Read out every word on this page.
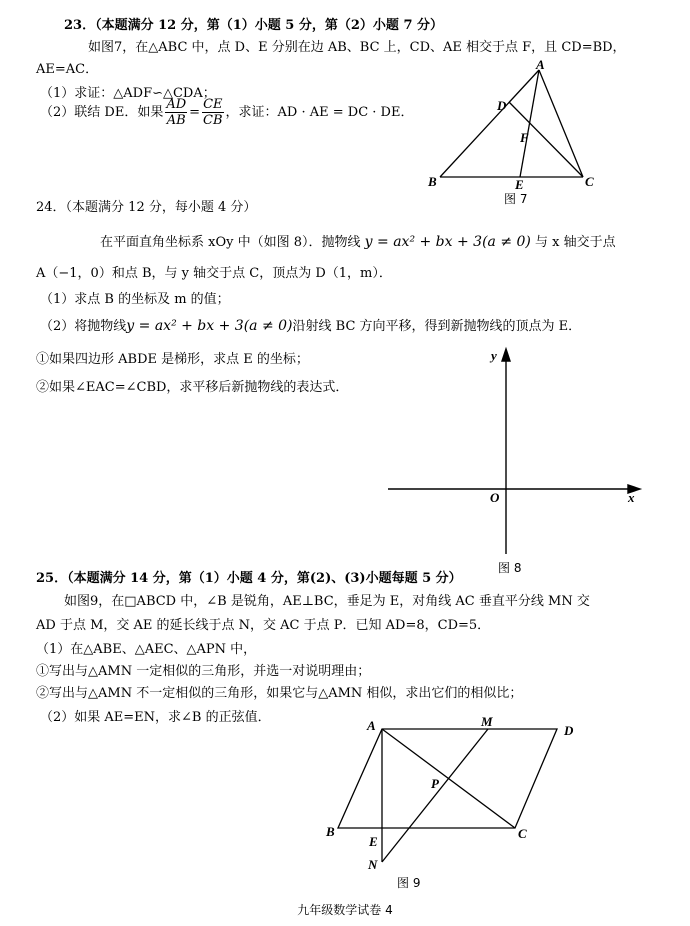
23．（本题满分 12 分，第（1）小题 5 分，第（2）小题 7 分）
如图7，在△ABC 中，点 D、E 分别在边 AB、BC 上，CD、AE 相交于点 F，且 CD=BD，
AE=AC．
（1）求证：△ADF∽△CDA；
（2）联结 DE．如果 $\frac{AD}{AB} = \frac{CE}{CB}$ ，求证：AD · AE = DC · DE．
A
D
F
B	E	C
图 7
24．（本题满分 12 分，每小题 4 分）
在平面直角坐标系 xOy 中（如图 8）．抛物线 y = ax² + bx + 3(a ≠ 0) 与 x 轴交于点
A（−1，0）和点 B，与 y 轴交于点 C，顶点为 D（1，m）．
（1）求点 B 的坐标及 m 的值；
（2）将抛物线y = ax² + bx + 3(a ≠ 0)沿射线 BC 方向平移，得到新抛物线的顶点为 E．
①如果四边形 ABDE 是梯形，求点 E 的坐标；
②如果∠EAC=∠CBD，求平移后新抛物线的表达式．
x
y
O
图 8
25．（本题满分 14 分，第（1）小题 4 分，第(2)、(3)小题每题 5 分）
如图9，在□ABCD 中，∠B 是锐角，AE⊥BC，垂足为 E，对角线 AC 垂直平分线 MN 交
AD 于点 M，交 AE 的延长线于点 N，交 AC 于点 P．已知 AD=8，CD=5．
（1）在△ABE、△AEC、△APN 中，
①写出与△AMN 一定相似的三角形，并选一对说明理由；
②写出与△AMN 不一定相似的三角形，如果它与△AMN 相似，求出它们的相似比；
（2）如果 AE=EN，求∠B 的正弦值．
A	M
D
P
B
E
C
N
图 9
九年级数学试卷 4
